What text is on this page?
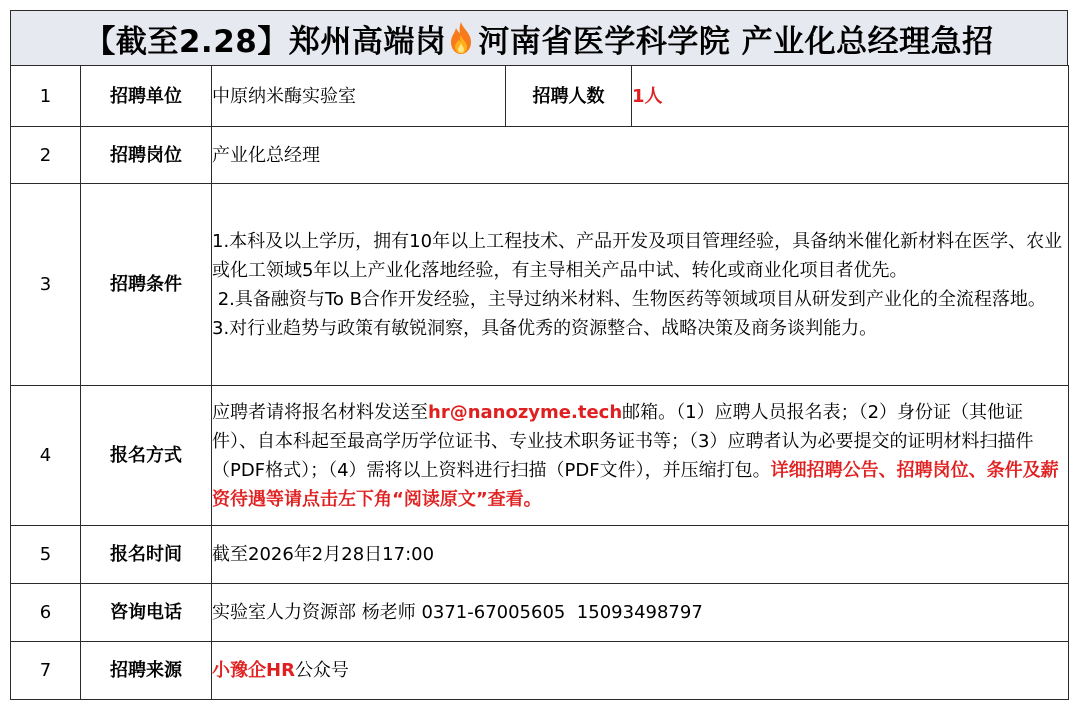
【截至2.28】郑州高端岗 河南省医学科学院 产业化总经理急招
1	招聘单位	中原纳米酶实验室	招聘人数	1人
2	招聘岗位	产业化总经理		
3	招聘条件	1.本科及以上学历，拥有10年以上工程技术、产品开发及项目管理经验，具备纳米催化新材料在医学、农业或化工领域5年以上产业化落地经验，有主导相关产品中试、转化或商业化项目者优先。
2.具备融资与To B合作开发经验，主导过纳米材料、生物医药等领域项目从研发到产业化的全流程落地。
3.对行业趋势与政策有敏锐洞察，具备优秀的资源整合、战略决策及商务谈判能力。		

4	报名方式	应聘者请将报名材料发送至hr@nanozyme.tech邮箱。（1）应聘人员报名表；（2）身份证（其他证件）、自本科起至最高学历学位证书、专业技术职务证书等；（3）应聘者认为必要提交的证明材料扫描件（PDF格式）；（4）需将以上资料进行扫描（PDF文件），并压缩打包。详细招聘公告、招聘岗位、条件及薪资待遇等请点击左下角“阅读原文”查看。		
5	报名时间	截至2026年2月28日17:00		
6	咨询电话	实验室人力资源部 杨老师 0371-67005605  15093498797		
7	招聘来源	小豫企HR公众号		
